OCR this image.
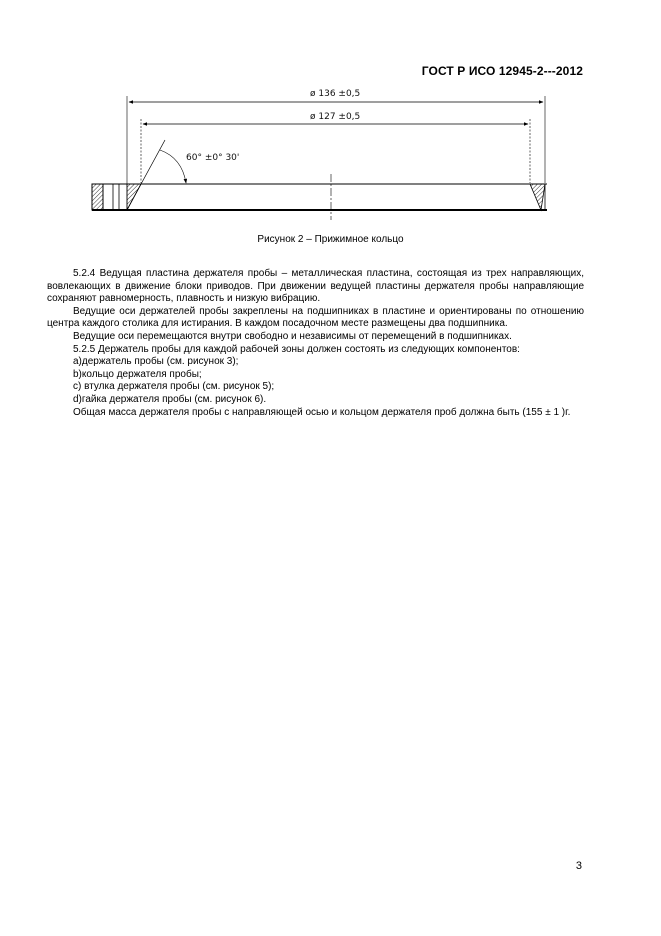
ГОСТ Р ИСО 12945-2---2012
ø 136 ±0,5
ø 127 ±0,5
60° ±0° 30'
Рисунок 2 – Прижимное кольцо

5.2.4 Ведущая пластина держателя пробы – металлическая пластина, состоящая из трех направляющих, вовлекающих в движение блоки приводов. При движении ведущей пластины держателя пробы направляющие сохраняют равномерность, плавность и низкую вибрацию.

Ведущие оси держателей пробы закреплены на подшипниках в пластине и ориентированы по отношению центра каждого столика для истирания. В каждом посадочном месте размещены два подшипника.

Ведущие оси перемещаются внутри свободно и независимы от перемещений в подшипниках.

5.2.5 Держатель пробы для каждой рабочей зоны должен состоять из следующих компонентов:

a)держатель пробы (см. рисунок 3);

b)кольцо держателя пробы;

c) втулка держателя пробы (см. рисунок 5);

d)гайка держателя пробы (см. рисунок 6).

Общая масса держателя пробы с направляющей осью и кольцом держателя проб должна быть (155 ± 1 )г.

3
